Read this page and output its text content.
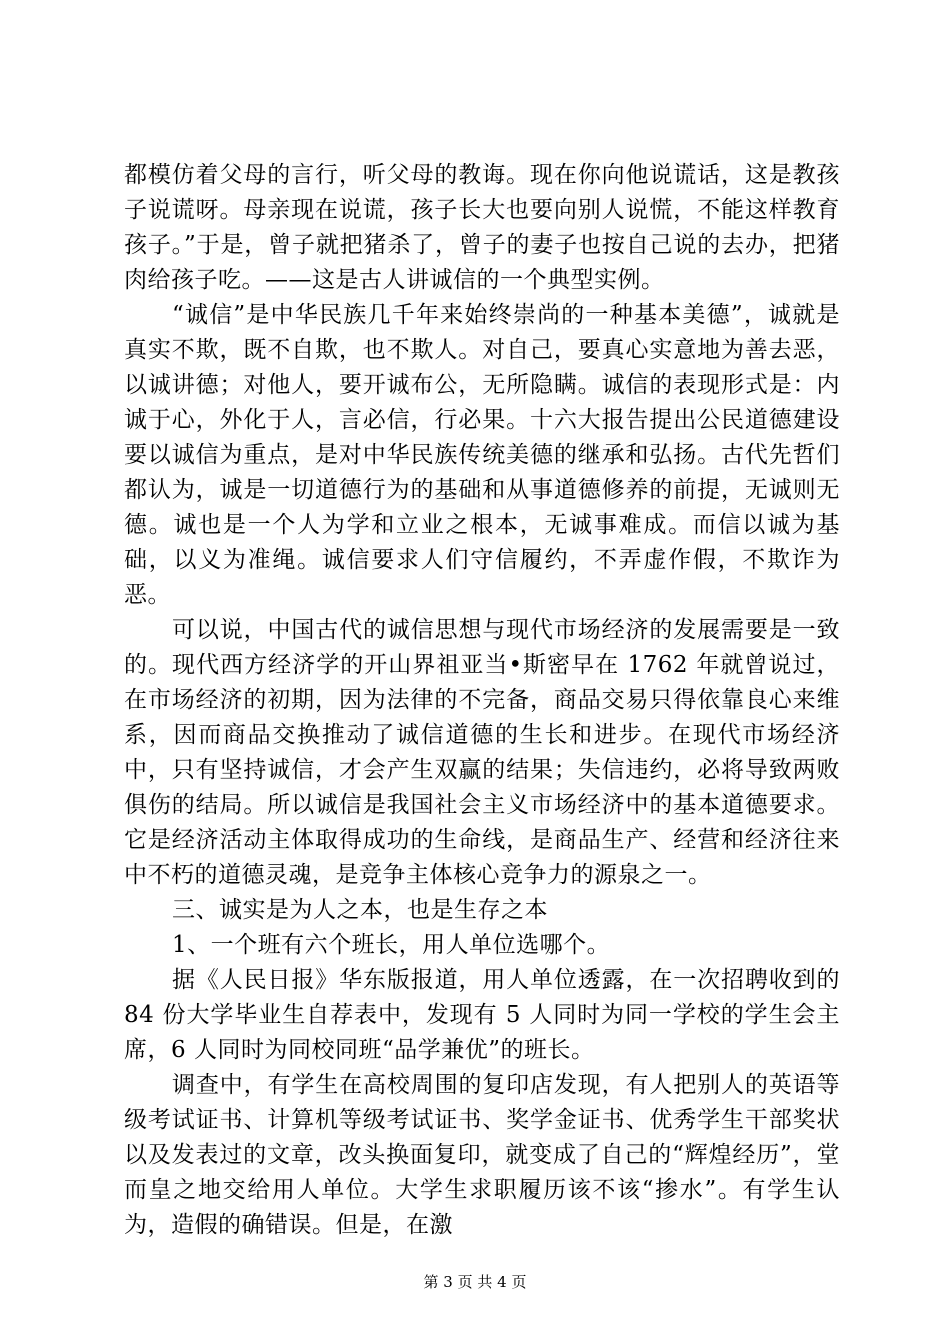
都模仿着父母的言行，听父母的教诲。现在你向他说谎话，这是教孩子说谎呀。母亲现在说谎，孩子长大也要向别人说慌，不能这样教育孩子。”于是，曾子就把猪杀了，曾子的妻子也按自己说的去办，把猪肉给孩子吃。——这是古人讲诚信的一个典型实例。

“诚信”是中华民族几千年来始终崇尚的一种基本美德”，诚就是真实不欺，既不自欺，也不欺人。对自己，要真心实意地为善去恶，以诚讲德；对他人，要开诚布公，无所隐瞒。诚信的表现形式是：内诚于心，外化于人，言必信，行必果。十六大报告提出公民道德建设要以诚信为重点，是对中华民族传统美德的继承和弘扬。古代先哲们都认为，诚是一切道德行为的基础和从事道德修养的前提，无诚则无德。诚也是一个人为学和立业之根本，无诚事难成。而信以诚为基础，以义为准绳。诚信要求人们守信履约，不弄虚作假，不欺诈为恶。

可以说，中国古代的诚信思想与现代市场经济的发展需要是一致的。现代西方经济学的开山界祖亚当•斯密早在 1762 年就曾说过，在市场经济的初期，因为法律的不完备，商品交易只得依靠良心来维系，因而商品交换推动了诚信道德的生长和进步。在现代市场经济中，只有坚持诚信，才会产生双赢的结果；失信违约，必将导致两败俱伤的结局。所以诚信是我国社会主义市场经济中的基本道德要求。它是经济活动主体取得成功的生命线，是商品生产、经营和经济往来中不朽的道德灵魂，是竞争主体核心竞争力的源泉之一。

三、诚实是为人之本，也是生存之本

1、一个班有六个班长，用人单位选哪个。

据《人民日报》华东版报道，用人单位透露，在一次招聘收到的 84 份大学毕业生自荐表中，发现有 5 人同时为同一学校的学生会主席，6 人同时为同校同班“品学兼优”的班长。

调查中，有学生在高校周围的复印店发现，有人把别人的英语等级考试证书、计算机等级考试证书、奖学金证书、优秀学生干部奖状以及发表过的文章，改头换面复印，就变成了自己的“辉煌经历”，堂而皇之地交给用人单位。大学生求职履历该不该“掺水”。有学生认为，造假的确错误。但是，在激

第 3 页 共 4 页
